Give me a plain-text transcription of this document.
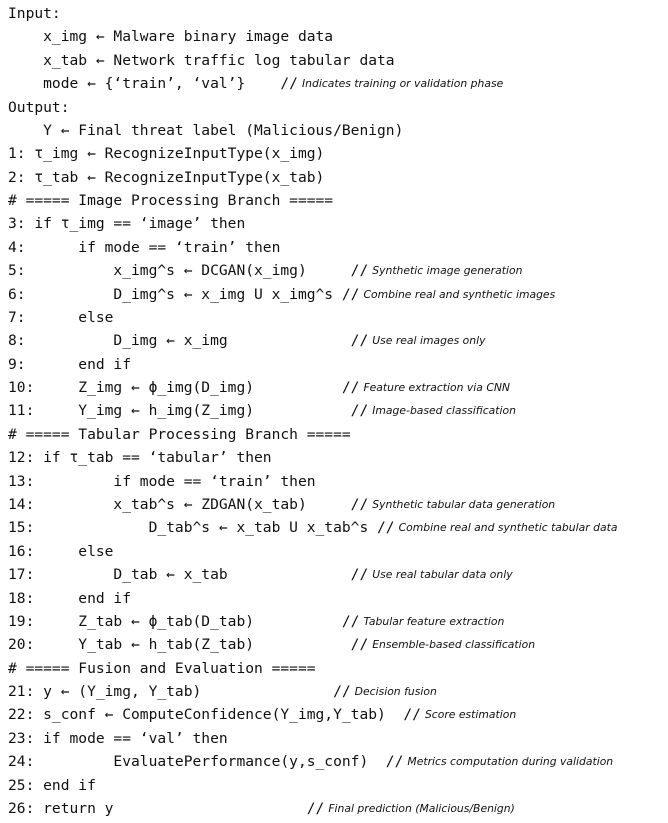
Input:
x_img ← Malware binary image data
x_tab ← Network traffic log tabular data
mode ← {‘train’, ‘val’}    // Indicates training or validation phase
Output:
Y ← Final threat label (Malicious/Benign)
1: τ_img ← RecognizeInputType(x_img)
2: τ_tab ← RecognizeInputType(x_tab)
# ===== Image Processing Branch =====
3: if τ_img == ‘image’ then
4:      if mode == ‘train’ then
5:          x_img^s ← DCGAN(x_img)     // Synthetic image generation
6:          D_img^s ← x_img U x_img^s // Combine real and synthetic images
7:      else
8:          D_img ← x_img              // Use real images only
9:      end if
10:     Z_img ← ϕ_img(D_img)          // Feature extraction via CNN
11:     Y_img ← h_img(Z_img)           // Image-based classification
# ===== Tabular Processing Branch =====
12: if τ_tab == ‘tabular’ then
13:         if mode == ‘train’ then
14:         x_tab^s ← ZDGAN(x_tab)     // Synthetic tabular data generation
15:             D_tab^s ← x_tab U x_tab^s // Combine real and synthetic tabular data
16:     else
17:         D_tab ← x_tab              // Use real tabular data only
18:     end if
19:     Z_tab ← ϕ_tab(D_tab)          // Tabular feature extraction
20:     Y_tab ← h_tab(Z_tab)           // Ensemble-based classification
# ===== Fusion and Evaluation =====
21: y ← (Y_img, Y_tab)               // Decision fusion
22: s_conf ← ComputeConfidence(Y_img,Y_tab)  // Score estimation
23: if mode == ‘val’ then
24:         EvaluatePerformance(y,s_conf)  // Metrics computation during validation
25: end if
26: return y                      // Final prediction (Malicious/Benign)
